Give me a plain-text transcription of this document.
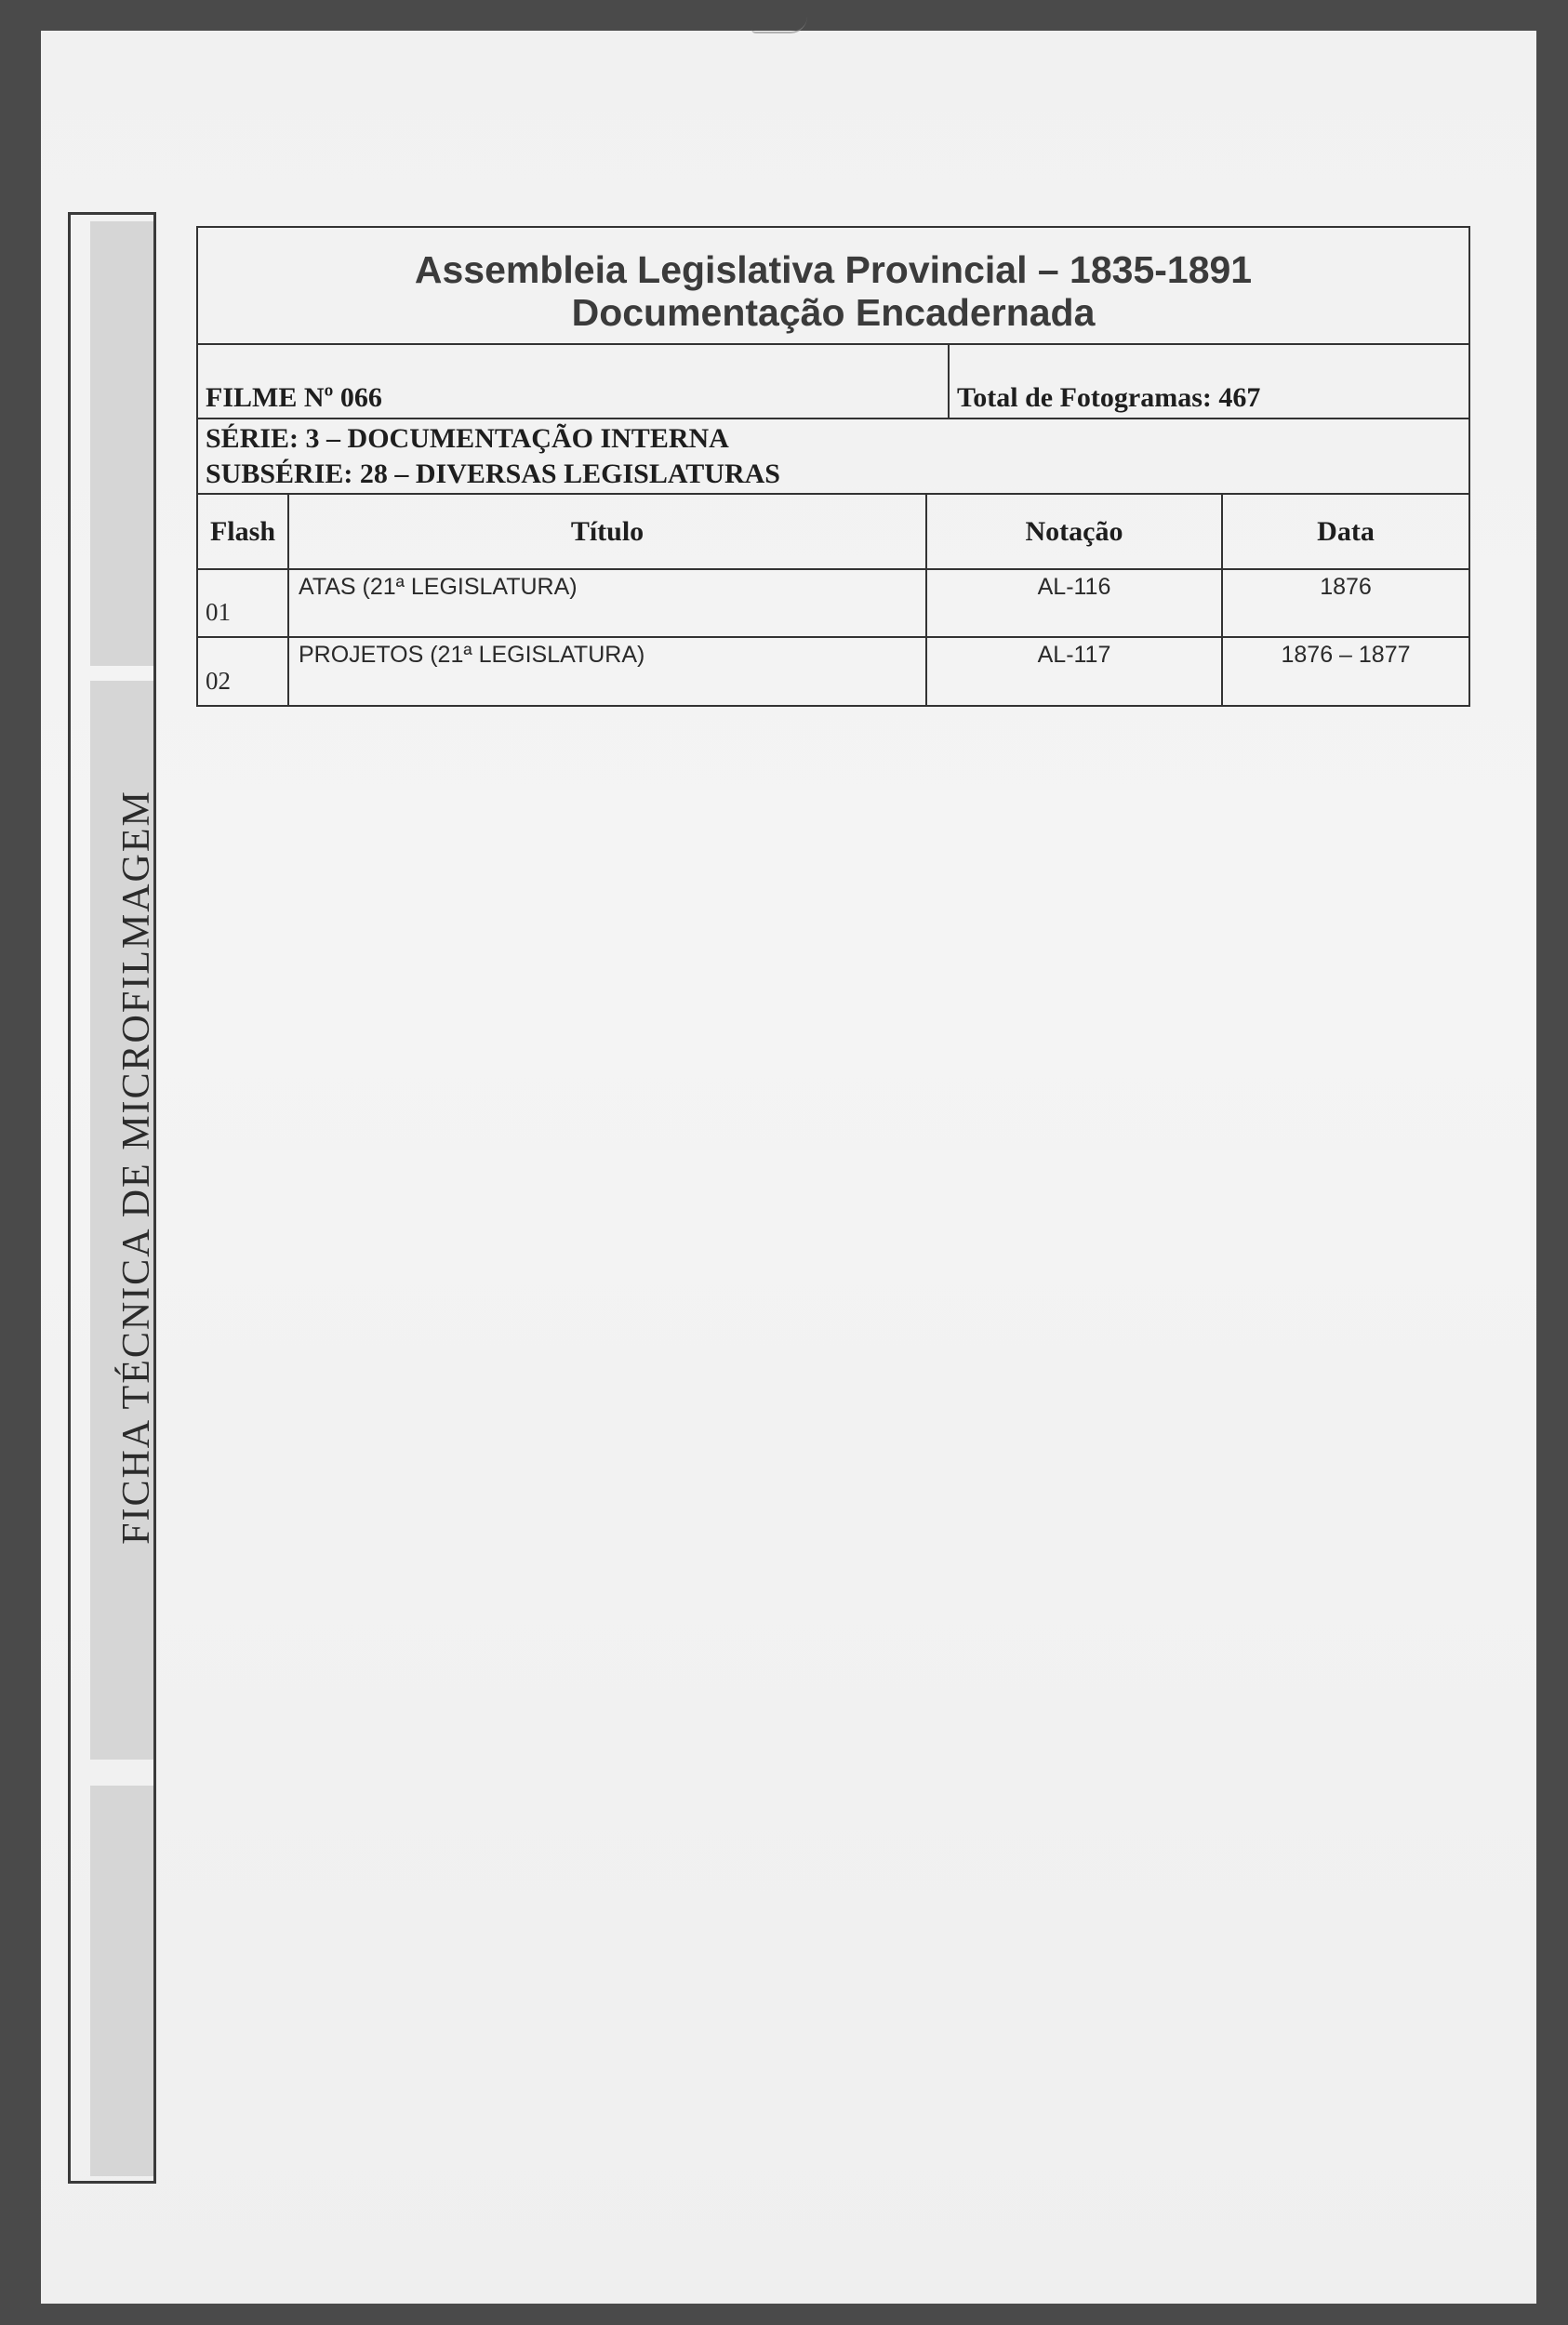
FICHA TÉCNICA DE MICROFILMAGEM
Assembleia Legislativa Provincial – 1835-1891
Documentação Encadernada
FILME Nº 066	Total de Fotogramas: 467
SÉRIE: 3 – DOCUMENTAÇÃO INTERNA
SUBSÉRIE: 28 – DIVERSAS LEGISLATURAS
Flash	Título	Notação	Data
01	ATAS (21ª LEGISLATURA)	AL-116	1876
02	PROJETOS (21ª LEGISLATURA)	AL-117	1876 – 1877
